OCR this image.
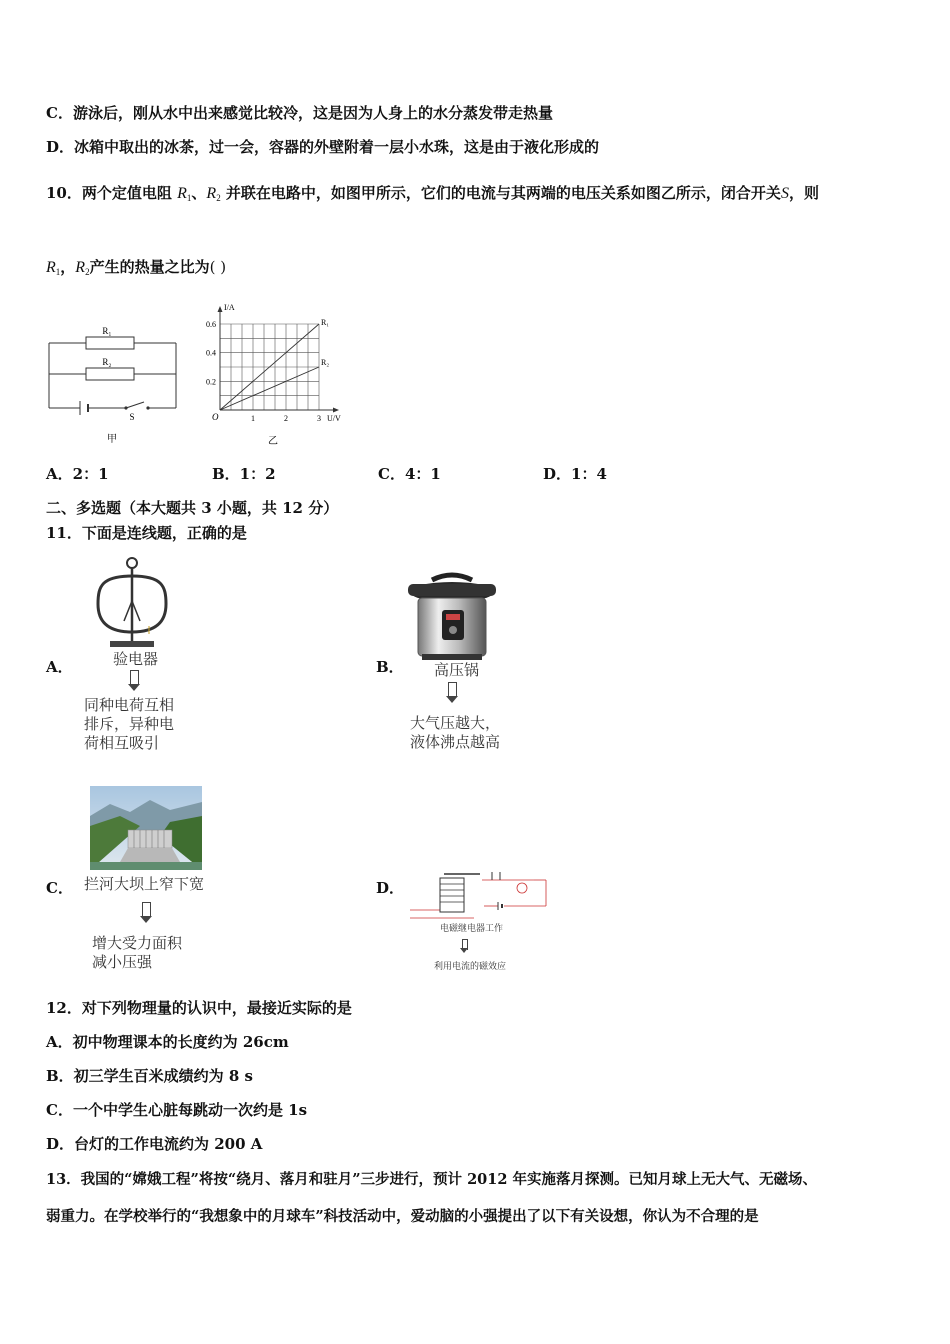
C．游泳后，刚从水中出来感觉比较冷，这是因为人身上的水分蒸发带走热量
D．冰箱中取出的冰茶，过一会，容器的外壁附着一层小水珠，这是由于液化形成的
10．两个定值电阻 $R_1$、$R_2$ 并联在电路中，如图甲所示，它们的电流与其两端的电压关系如图乙所示，闭合开关S，则
$R_1$，$R_2$产生的热量之比为( )
R₁
R₂
S
甲
R₁
R₂
1	2	3
0.2
0.4
0.6
O	U/V
I/A
乙
A．2：1	B．1：2	C．4：1	D．1：4
二、多选题（本大题共 3 小题，共 12 分）
11．下面是连线题，正确的是
A．	验电器
同种电荷互相
排斥，异种电
荷相互吸引
B． 高压锅
大气压越大，
液体沸点越高
C． 拦河大坝上窄下宽
增大受力面积
减小压强
D．
电磁继电器工作
利用电流的磁效应
12．对下列物理量的认识中，最接近实际的是
A．初中物理课本的长度约为 26cm
B．初三学生百米成绩约为 8 s
C．一个中学生心脏每跳动一次约是 1s
D．台灯的工作电流约为 200 A
13．我国的“嫦娥工程”将按“绕月、落月和驻月”三步进行，预计 2012 年实施落月探测。已知月球上无大气、无磁场、
弱重力。在学校举行的“我想象中的月球车”科技活动中，爱动脑的小强提出了以下有关设想，你认为不合理的是
